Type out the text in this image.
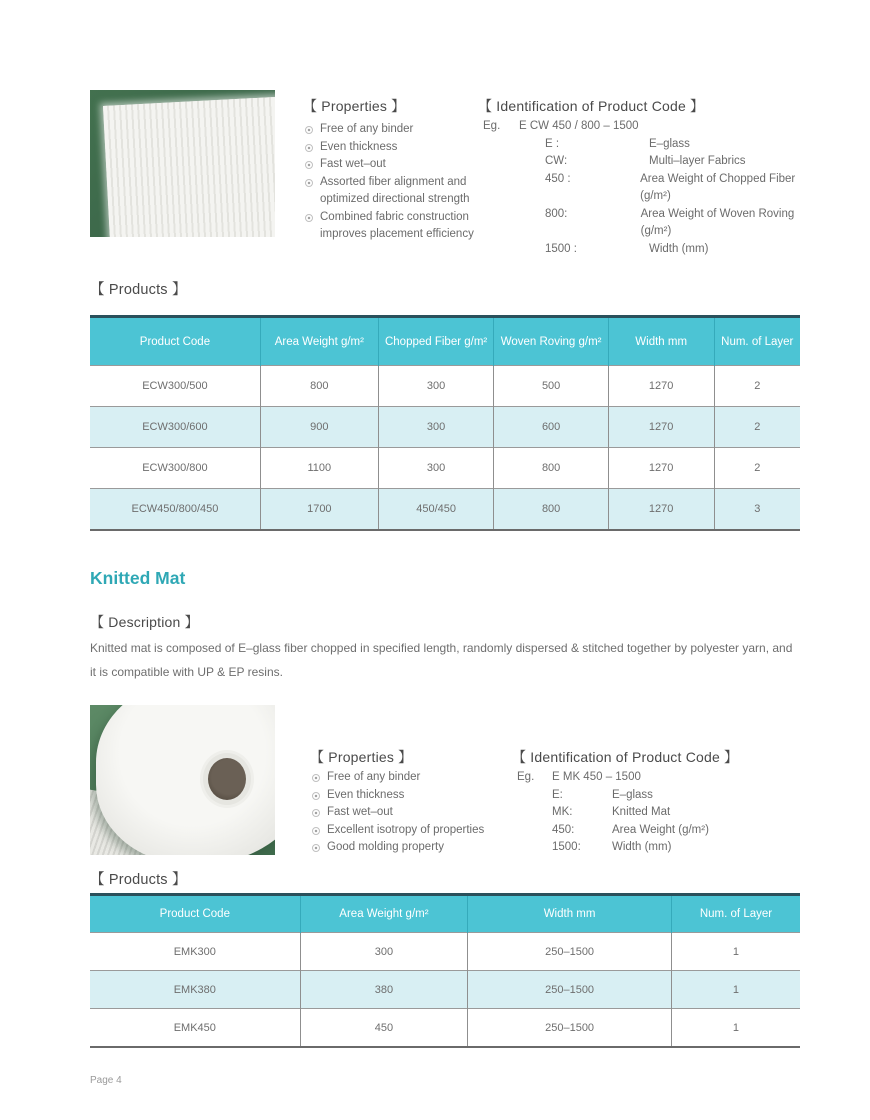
【 Properties 】
Free of any binder
Even thickness
Fast wet–out
Assorted fiber alignment and optimized directional strength
Combined fabric construction improves placement efficiency
【 Identification of Product Code 】
Eg.	E CW 450 / 800 – 1500
E :	E–glass
CW:	Multi–layer Fabrics
450 :	Area Weight of Chopped Fiber (g/m²)
800:	Area Weight of Woven Roving (g/m²)
1500 :	Width (mm)
【 Products 】
Product Code	Area Weight g/m²	Chopped Fiber g/m²	Woven Roving g/m²	Width mm	Num. of Layer
ECW300/500	800	300	500	1270	2
ECW300/600	900	300	600	1270	2
ECW300/800	1100	300	800	1270	2
ECW450/800/450	1700	450/450	800	1270	3
Knitted Mat
【 Description 】

Knitted mat is composed of E–glass fiber chopped in specified length, randomly dispersed & stitched together by polyester yarn, and it is compatible with UP & EP resins.

【 Properties 】
Free of any binder
Even thickness
Fast wet–out
Excellent isotropy of properties
Good molding property
【 Identification of Product Code 】
Eg.	E MK 450 – 1500
E:	E–glass
MK:	Knitted Mat
450:	Area Weight (g/m²)
1500:	Width (mm)
【 Products 】
Product Code	Area Weight g/m²	Width mm	Num. of Layer
EMK300	300	250–1500	1
EMK380	380	250–1500	1
EMK450	450	250–1500	1
Page 4
